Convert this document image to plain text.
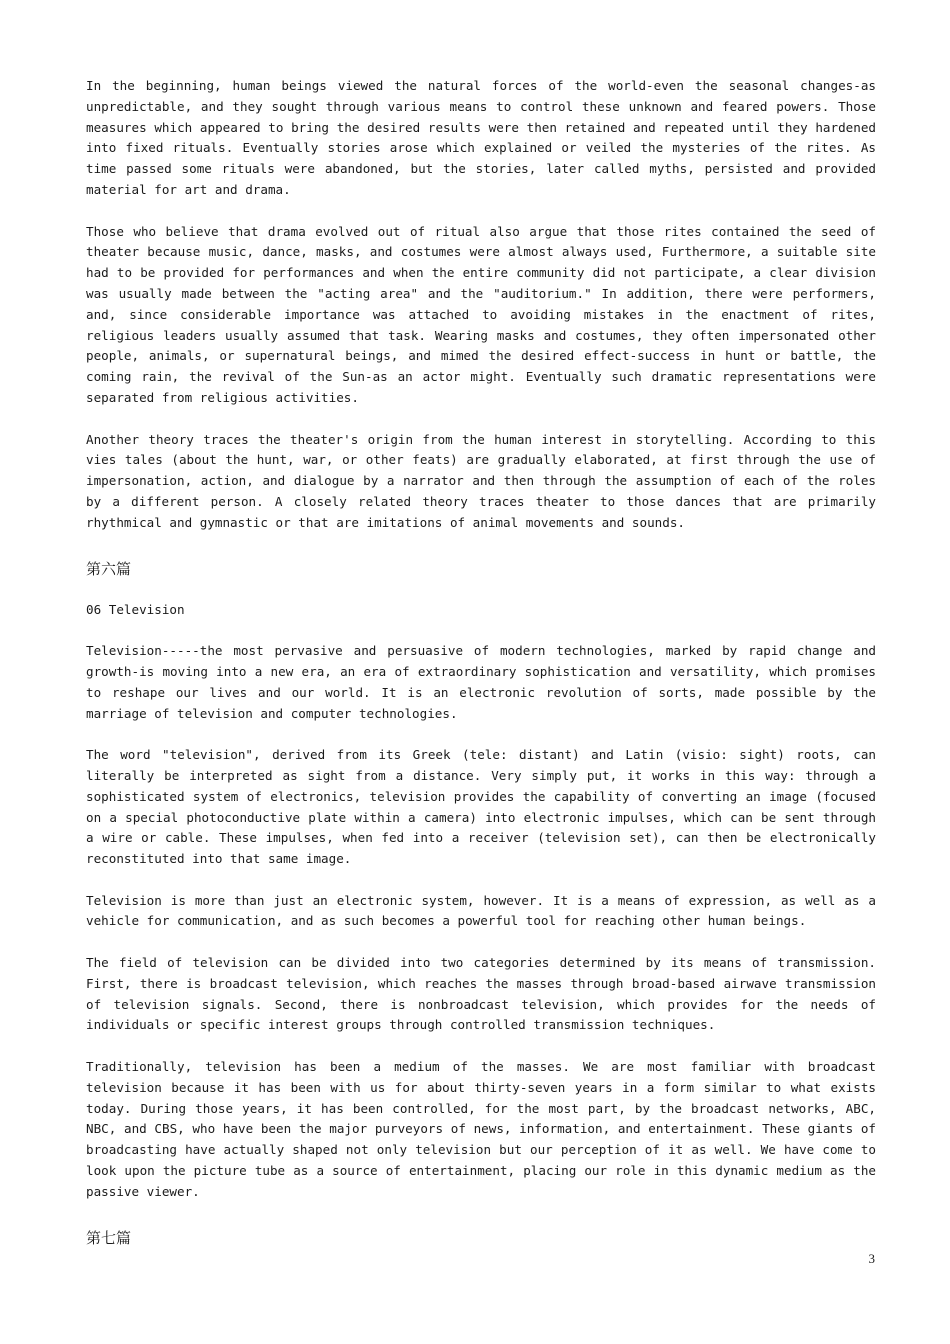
In the beginning, human beings viewed the natural forces of the world-even the seasonal changes-as unpredictable, and they sought through various means to control these unknown and feared powers. Those measures which appeared to bring the desired results were then retained and repeated until they hardened into fixed rituals. Eventually stories arose which explained or veiled the mysteries of the rites. As time passed some rituals were abandoned, but the stories, later called myths, persisted and provided material for art and drama.

Those who believe that drama evolved out of ritual also argue that those rites contained the seed of theater because music, dance, masks, and costumes were almost always used, Furthermore, a suitable site had to be provided for performances and when the entire community did not participate, a clear division was usually made between the "acting area" and the "auditorium." In addition, there were performers, and, since considerable importance was attached to avoiding mistakes in the enactment of rites, religious leaders usually assumed that task. Wearing masks and costumes, they often impersonated other people, animals, or supernatural beings, and mimed the desired effect-success in hunt or battle, the coming rain, the revival of the Sun-as an actor might. Eventually such dramatic representations were separated from religious activities.

Another theory traces the theater's origin from the human interest in storytelling. According to this vies tales (about the hunt, war, or other feats) are gradually elaborated, at first through the use of impersonation, action, and dialogue by a narrator and then through the assumption of each of the roles by a different person. A closely related theory traces theater to those dances that are primarily rhythmical and gymnastic or that are imitations of animal movements and sounds.

第六篇
06 Television

Television-----the most pervasive and persuasive of modern technologies, marked by rapid change and growth-is moving into a new era, an era of extraordinary sophistication and versatility, which promises to reshape our lives and our world. It is an electronic revolution of sorts, made possible by the marriage of television and computer technologies.

The word "television", derived from its Greek (tele: distant) and Latin (visio: sight) roots, can literally be interpreted as sight from a distance. Very simply put, it works in this way: through a sophisticated system of electronics, television provides the capability of converting an image (focused on a special photoconductive plate within a camera) into electronic impulses, which can be sent through a wire or cable. These impulses, when fed into a receiver (television set), can then be electronically reconstituted into that same image.

Television is more than just an electronic system, however. It is a means of expression, as well as a vehicle for communication, and as such becomes a powerful tool for reaching other human beings.

The field of television can be divided into two categories determined by its means of transmission. First, there is broadcast television, which reaches the masses through broad-based airwave transmission of television signals. Second, there is nonbroadcast television, which provides for the needs of individuals or specific interest groups through controlled transmission techniques.

Traditionally, television has been a medium of the masses. We are most familiar with broadcast television because it has been with us for about thirty-seven years in a form similar to what exists today. During those years, it has been controlled, for the most part, by the broadcast networks, ABC, NBC, and CBS, who have been the major purveyors of news, information, and entertainment. These giants of broadcasting have actually shaped not only television but our perception of it as well. We have come to look upon the picture tube as a source of entertainment, placing our role in this dynamic medium as the passive viewer.

第七篇
3
